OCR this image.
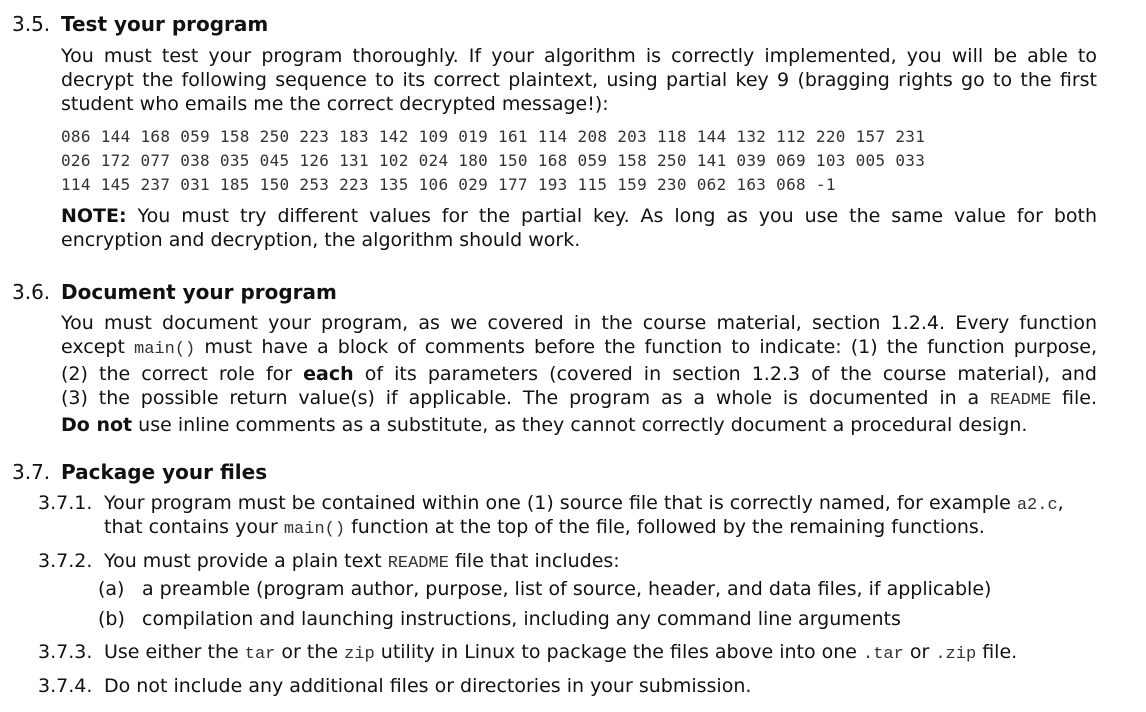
3.5. Test your program
You must test your program thoroughly. If your algorithm is correctly implemented, you will be able to
decrypt the following sequence to its correct plaintext, using partial key 9 (bragging rights go to the first
student who emails me the correct decrypted message!):
086 144 168 059 158 250 223 183 142 109 019 161 114 208 203 118 144 132 112 220 157 231
026 172 077 038 035 045 126 131 102 024 180 150 168 059 158 250 141 039 069 103 005 033
114 145 237 031 185 150 253 223 135 106 029 177 193 115 159 230 062 163 068 -1
NOTE: You must try different values for the partial key. As long as you use the same value for both
encryption and decryption, the algorithm should work.
3.6. Document your program
You must document your program, as we covered in the course material, section 1.2.4. Every function
except main() must have a block of comments before the function to indicate: (1) the function purpose,
(2) the correct role for each of its parameters (covered in section 1.2.3 of the course material), and
(3) the possible return value(s) if applicable. The program as a whole is documented in a README file.
Do not use inline comments as a substitute, as they cannot correctly document a procedural design.
3.7. Package your files
3.7.1. Your program must be contained within one (1) source file that is correctly named, for example a2.c,
that contains your main() function at the top of the file, followed by the remaining functions.
3.7.2. You must provide a plain text README file that includes:
(a) a preamble (program author, purpose, list of source, header, and data files, if applicable)
(b) compilation and launching instructions, including any command line arguments
3.7.3. Use either the tar or the zip utility in Linux to package the files above into one .tar or .zip file.
3.7.4. Do not include any additional files or directories in your submission.
